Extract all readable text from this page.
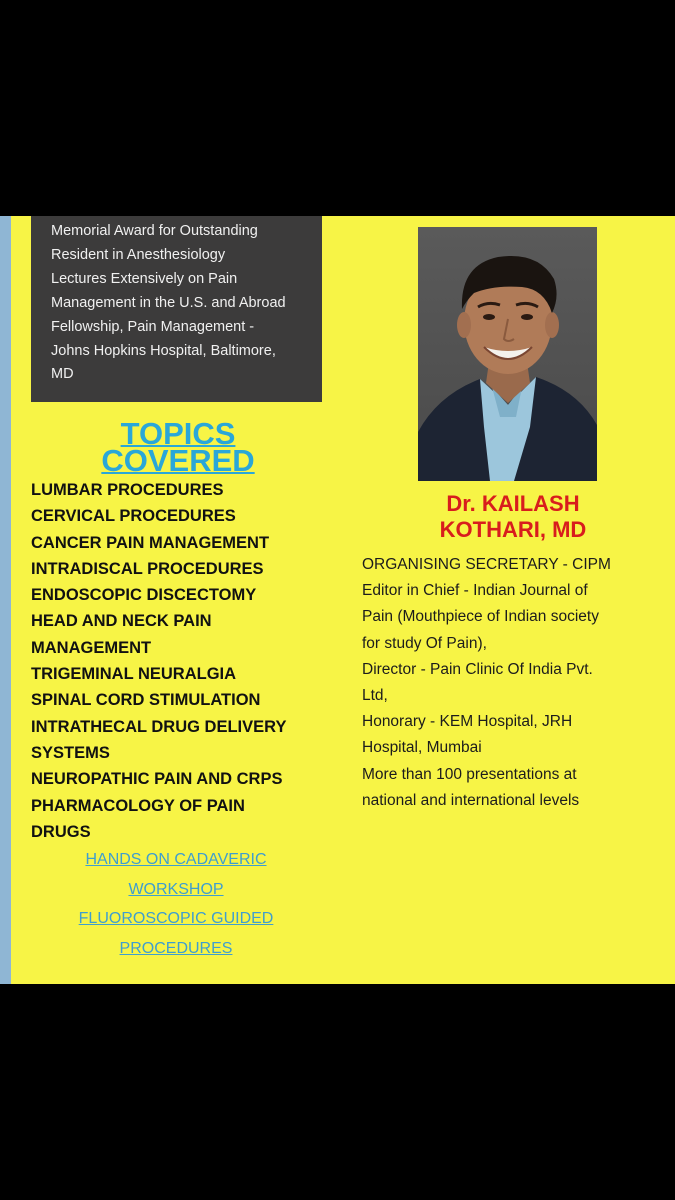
Memorial Award for Outstanding
Resident in Anesthesiology
Lectures Extensively on Pain
Management in the U.S. and Abroad
Fellowship, Pain Management -
Johns Hopkins Hospital, Baltimore,
MD
TOPICS
COVERED
LUMBAR PROCEDURES
CERVICAL PROCEDURES
CANCER PAIN MANAGEMENT
INTRADISCAL PROCEDURES
ENDOSCOPIC DISCECTOMY
HEAD AND NECK PAIN
MANAGEMENT
TRIGEMINAL NEURALGIA
SPINAL CORD STIMULATION
INTRATHECAL DRUG DELIVERY
SYSTEMS
NEUROPATHIC PAIN AND CRPS
PHARMACOLOGY OF PAIN
DRUGS
HANDS ON CADAVERIC
WORKSHOP
FLUOROSCOPIC GUIDED
PROCEDURES
Dr. KAILASH
KOTHARI, MD
ORGANISING SECRETARY - CIPM
Editor in Chief - Indian Journal of
Pain (Mouthpiece of Indian society
for study Of Pain),
Director - Pain Clinic Of India Pvt.
Ltd,
Honorary - KEM Hospital, JRH
Hospital, Mumbai
More than 100 presentations at
national and international levels
